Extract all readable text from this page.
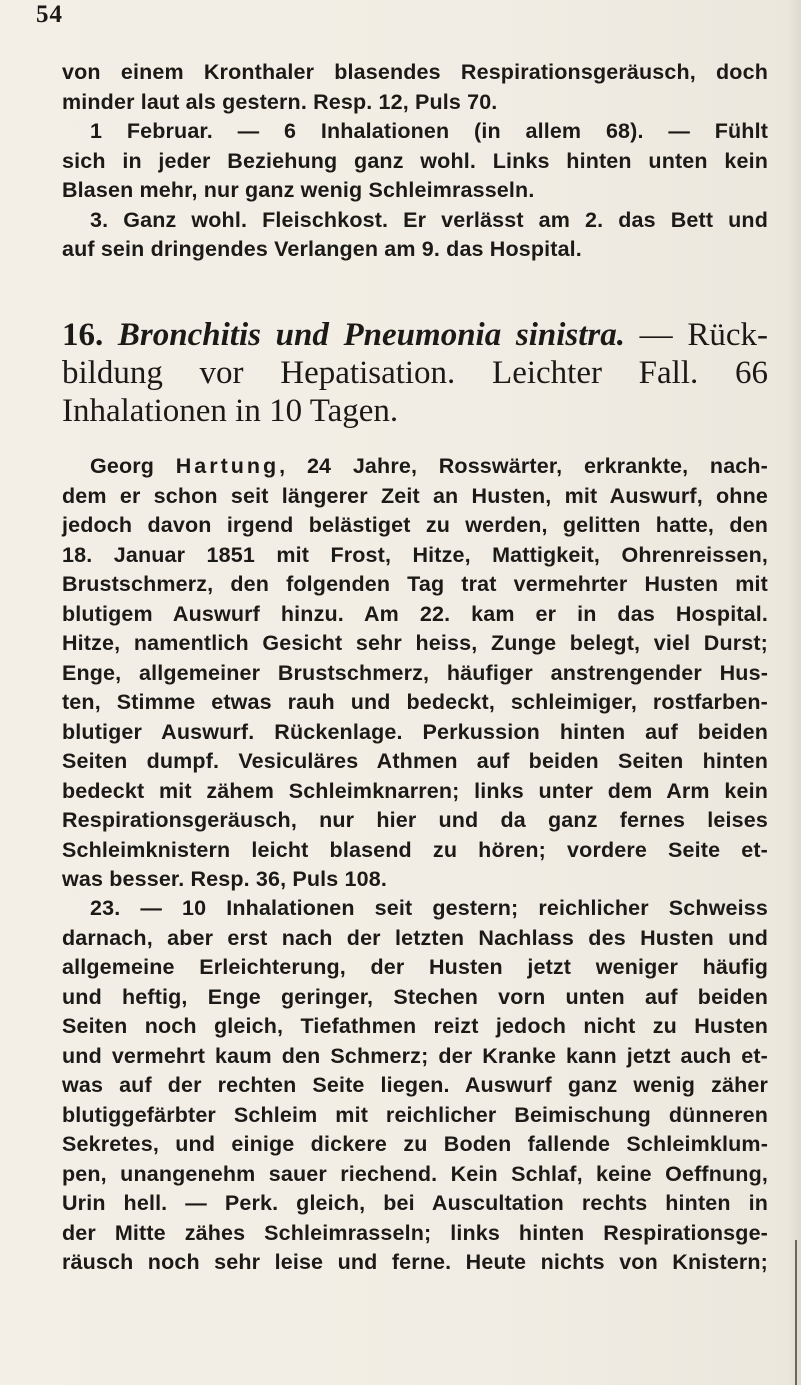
54
von einem Kronthaler blasendes Respirationsgeräusch, doch
minder laut als gestern. Resp. 12, Puls 70.
1 Februar. — 6 Inhalationen (in allem 68). — Fühlt
sich in jeder Beziehung ganz wohl. Links hinten unten kein
Blasen mehr, nur ganz wenig Schleimrasseln.
3. Ganz wohl. Fleischkost. Er verlässt am 2. das Bett und
auf sein dringendes Verlangen am 9. das Hospital.
16. Bronchitis und Pneumonia sinistra. — Rück-
bildung vor Hepatisation. Leichter Fall. 66
Inhalationen in 10 Tagen.
Georg Hartung, 24 Jahre, Rosswärter, erkrankte, nach-
dem er schon seit längerer Zeit an Husten, mit Auswurf, ohne
jedoch davon irgend belästiget zu werden, gelitten hatte, den
18. Januar 1851 mit Frost, Hitze, Mattigkeit, Ohrenreissen,
Brustschmerz, den folgenden Tag trat vermehrter Husten mit
blutigem Auswurf hinzu. Am 22. kam er in das Hospital.
Hitze, namentlich Gesicht sehr heiss, Zunge belegt, viel Durst;
Enge, allgemeiner Brustschmerz, häufiger anstrengender Hus-
ten, Stimme etwas rauh und bedeckt, schleimiger, rostfarben-
blutiger Auswurf. Rückenlage. Perkussion hinten auf beiden
Seiten dumpf. Vesiculäres Athmen auf beiden Seiten hinten
bedeckt mit zähem Schleimknarren; links unter dem Arm kein
Respirationsgeräusch, nur hier und da ganz fernes leises
Schleimknistern leicht blasend zu hören; vordere Seite et-
was besser. Resp. 36, Puls 108.
23. — 10 Inhalationen seit gestern; reichlicher Schweiss
darnach, aber erst nach der letzten Nachlass des Husten und
allgemeine Erleichterung, der Husten jetzt weniger häufig
und heftig, Enge geringer, Stechen vorn unten auf beiden
Seiten noch gleich, Tiefathmen reizt jedoch nicht zu Husten
und vermehrt kaum den Schmerz; der Kranke kann jetzt auch et-
was auf der rechten Seite liegen. Auswurf ganz wenig zäher
blutiggefärbter Schleim mit reichlicher Beimischung dünneren
Sekretes, und einige dickere zu Boden fallende Schleimklum-
pen, unangenehm sauer riechend. Kein Schlaf, keine Oeffnung,
Urin hell. — Perk. gleich, bei Auscultation rechts hinten in
der Mitte zähes Schleimrasseln; links hinten Respirationsge-
räusch noch sehr leise und ferne. Heute nichts von Knistern;
